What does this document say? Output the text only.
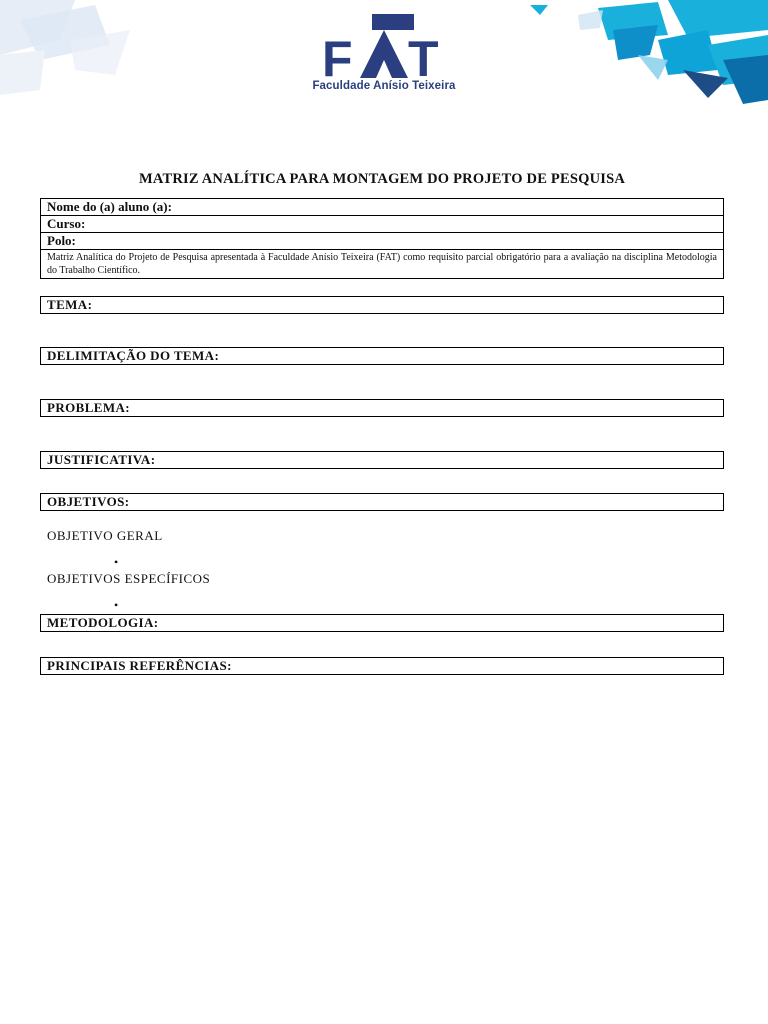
F T
Faculdade Anísio Teixeira
MATRIZ ANALÍTICA PARA MONTAGEM DO PROJETO DE PESQUISA
Nome do (a) aluno (a):
Curso:
Polo:
Matriz Analítica do Projeto de Pesquisa apresentada à Faculdade Anísio Teixeira (FAT) como requisito parcial obrigatório para a avaliação na disciplina Metodologia do Trabalho Científico.
TEMA:
DELIMITAÇÃO DO TEMA:
PROBLEMA:
JUSTIFICATIVA:
OBJETIVOS:
OBJETIVO GERAL
•
OBJETIVOS ESPECÍFICOS
•
METODOLOGIA:
PRINCIPAIS REFERÊNCIAS:
